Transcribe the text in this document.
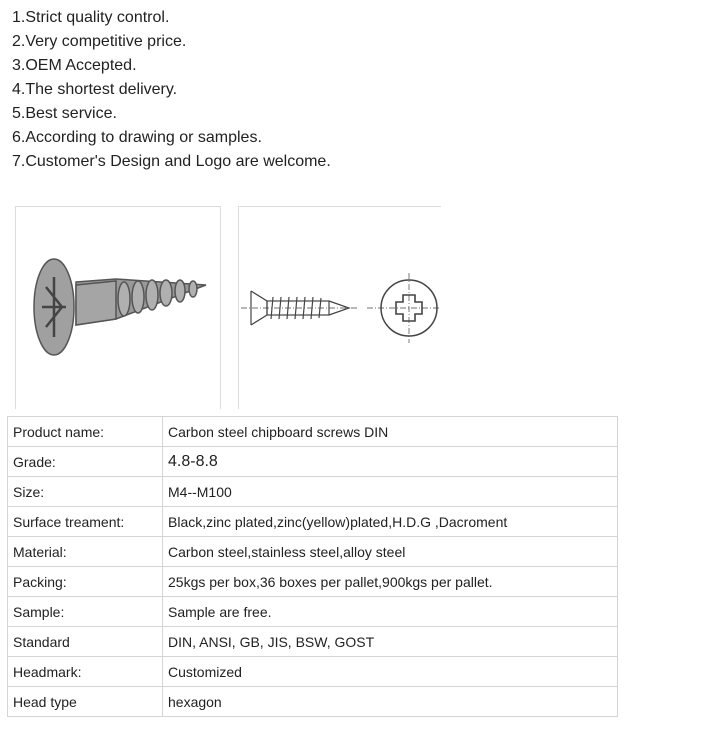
1.Strict quality control.
2.Very competitive price.
3.OEM Accepted.
4.The shortest delivery.
5.Best service.
6.According to drawing or samples.
7.Customer's Design and Logo are welcome.
Product name:	Carbon steel chipboard screws DIN
Grade:	4.8-8.8
Size:	M4--M100
Surface treament:	Black,zinc plated,zinc(yellow)plated,H.D.G ,Dacroment
Material:	Carbon steel,stainless steel,alloy steel
Packing:	25kgs per box,36 boxes per pallet,900kgs per pallet.
Sample:	Sample are free.
Standard	DIN, ANSI, GB, JIS, BSW, GOST
Headmark:	Customized
Head type	hexagon
